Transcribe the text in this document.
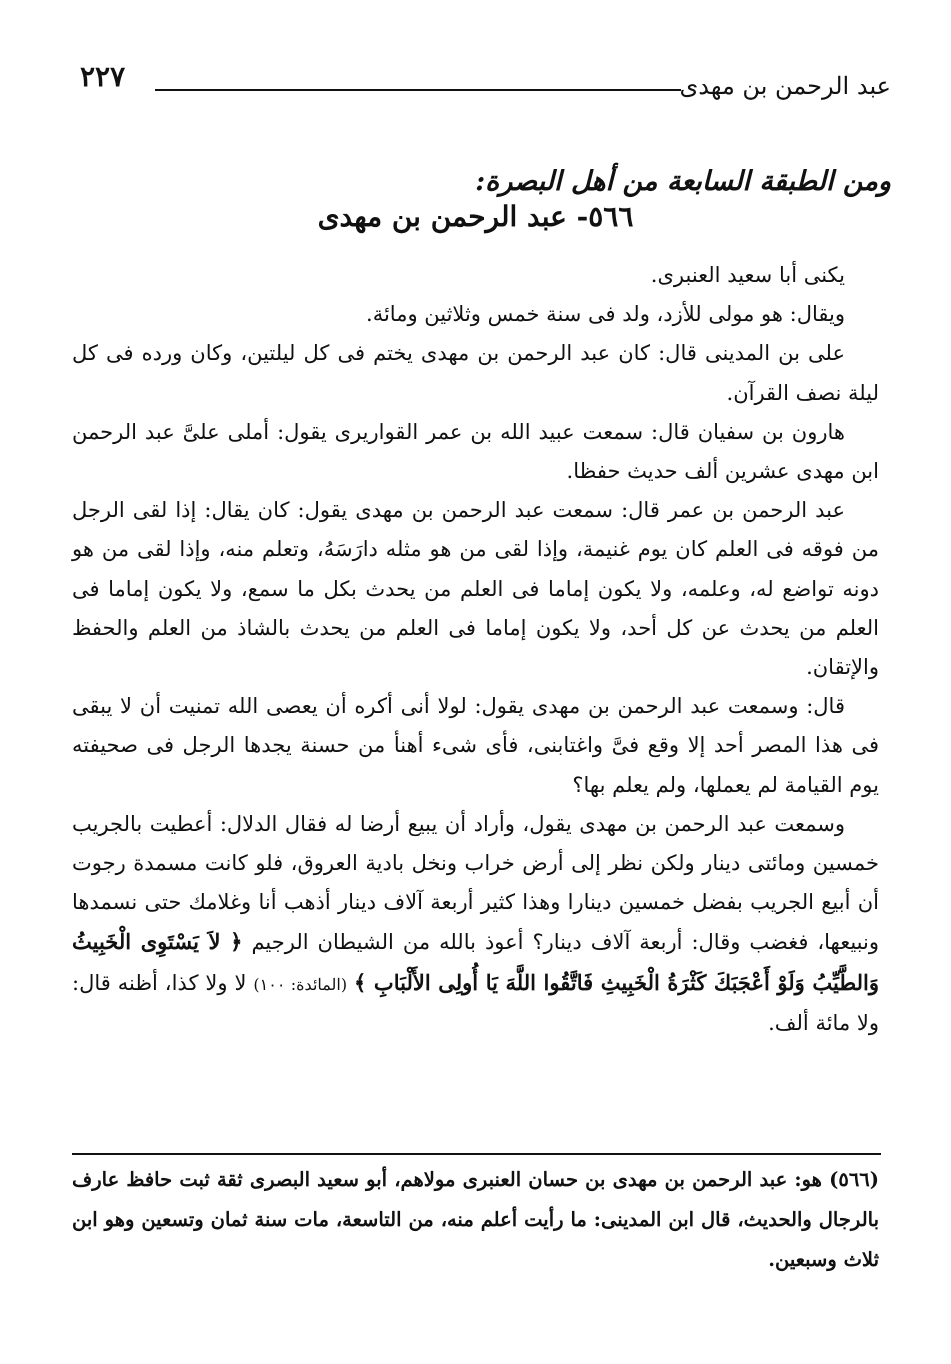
عبد الرحمن بن مهدى
٢٢٧
ومن الطبقة السابعة من أهل البصرة:
٥٦٦- عبد الرحمن بن مهدى

يكنى أبا سعيد العنبرى.

ويقال: هو مولى للأزد، ولد فى سنة خمس وثلاثين ومائة.

على بن المدينى قال: كان عبد الرحمن بن مهدى يختم فى كل ليلتين، وكان ورده فى كل ليلة نصف القرآن.

هارون بن سفيان قال: سمعت عبيد الله بن عمر القواريرى يقول: أملى علىَّ عبد الرحمن ابن مهدى عشرين ألف حديث حفظا.

عبد الرحمن بن عمر قال: سمعت عبد الرحمن بن مهدى يقول: كان يقال: إذا لقى الرجل من فوقه فى العلم كان يوم غنيمة، وإذا لقى من هو مثله دارَسَهُ، وتعلم منه، وإذا لقى من هو دونه تواضع له، وعلمه، ولا يكون إماما فى العلم من يحدث بكل ما سمع، ولا يكون إماما فى العلم من يحدث عن كل أحد، ولا يكون إماما فى العلم من يحدث بالشاذ من العلم والحفظ والإتقان.

قال: وسمعت عبد الرحمن بن مهدى يقول: لولا أنى أكره أن يعصى الله تمنيت أن لا يبقى فى هذا المصر أحد إلا وقع فىَّ واغتابنى، فأى شىء أهنأ من حسنة يجدها الرجل فى صحيفته يوم القيامة لم يعملها، ولم يعلم بها؟

وسمعت عبد الرحمن بن مهدى يقول، وأراد أن يبيع أرضا له فقال الدلال: أعطيت بالجريب خمسين ومائتى دينار ولكن نظر إلى أرض خراب ونخل بادية العروق، فلو كانت مسمدة رجوت أن أبيع الجريب بفضل خمسين دينارا وهذا كثير أربعة آلاف دينار أذهب أنا وغلامك حتى نسمدها ونبيعها، فغضب وقال: أربعة آلاف دينار؟ أعوذ بالله من الشيطان الرجيم ﴿ لاَ يَسْتَوِى الْخَبِيثُ وَالطَّيِّبُ وَلَوْ أَعْجَبَكَ كَثْرَةُ الْخَبِيثِ فَاتَّقُوا اللَّهَ يَا أُولِى الأَلْبَابِ ﴾ (المائدة: ١٠٠) لا ولا كذا، أظنه قال: ولا مائة ألف.

(٥٦٦) هو: عبد الرحمن بن مهدى بن حسان العنبرى مولاهم، أبو سعيد البصرى ثقة ثبت حافظ عارف بالرجال والحديث، قال ابن المدينى: ما رأيت أعلم منه، من التاسعة، مات سنة ثمان وتسعين وهو ابن ثلاث وسبعين.
